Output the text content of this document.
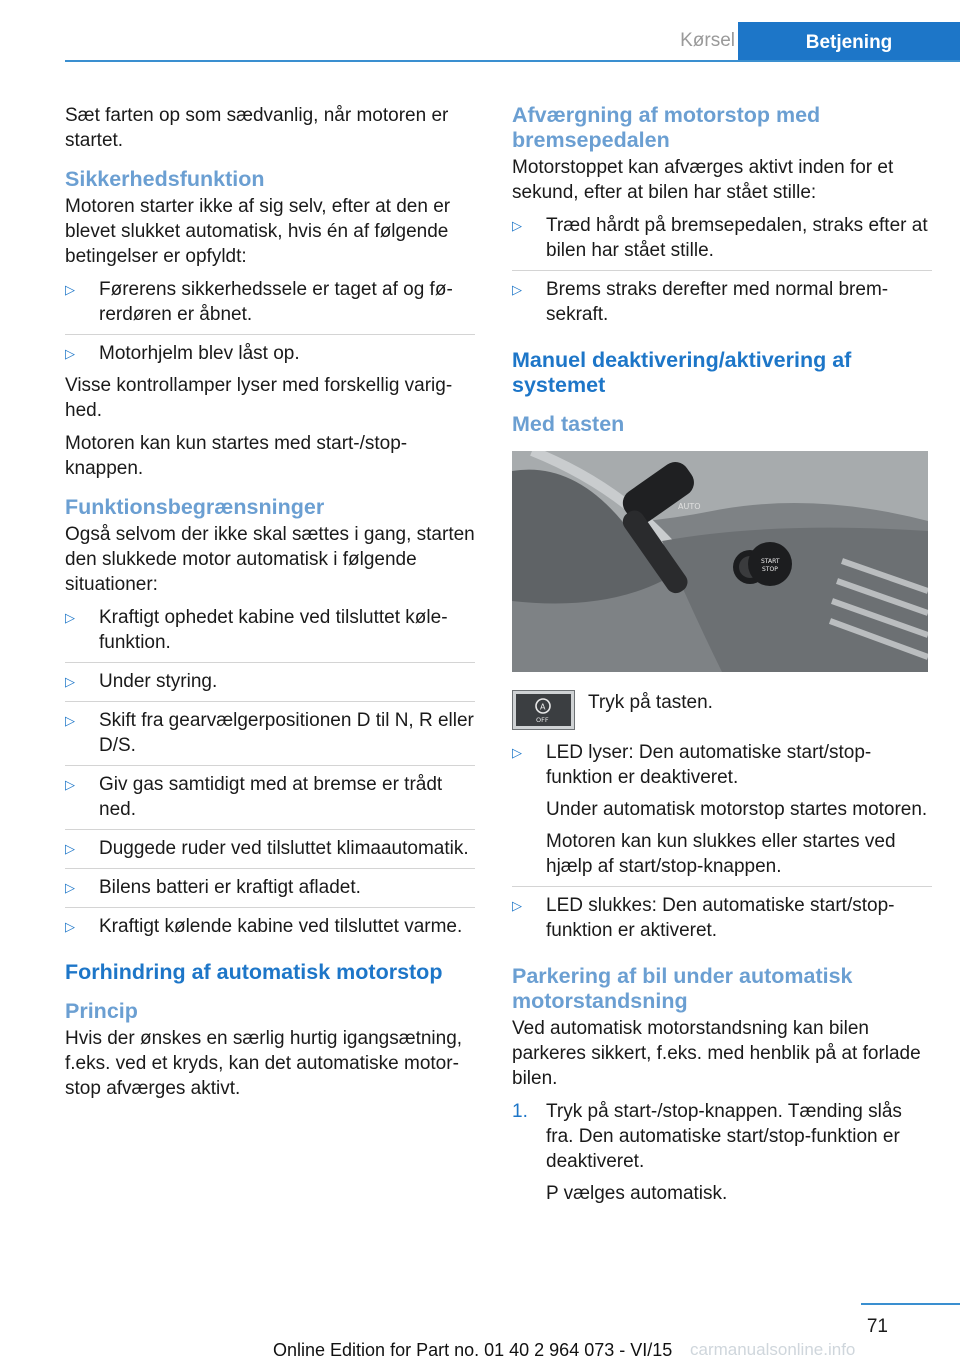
Kørsel	Betjening

Sæt farten op som sædvanlig, når motoren er startet.

Sikkerhedsfunktion

Motoren starter ikke af sig selv, efter at den er blevet slukket automatisk, hvis én af følgende betingelser er opfyldt:

▷ Førerens sikkerhedssele er taget af og førerdøren er åbnet.
▷ Motorhjelm blev låst op.

Visse kontrollamper lyser med forskellig varighed.

Motoren kan kun startes med start-/stop-knappen.

Funktionsbegrænsninger

Også selvom der ikke skal sættes i gang, starten den slukkede motor automatisk i følgende situationer:

▷ Kraftigt ophedet kabine ved tilsluttet kølefunktion.
▷ Under styring.
▷ Skift fra gearvælgerpositionen D til N, R eller D/S.
▷ Giv gas samtidigt med at bremse er trådt ned.
▷ Duggede ruder ved tilsluttet klimaautomatik.
▷ Bilens batteri er kraftigt afladet.
▷ Kraftigt kølende kabine ved tilsluttet varme.
Forhindring af automatisk motorstop
Princip

Hvis der ønskes en særlig hurtig igangsætning, f.eks. ved et kryds, kan det automatiske motorstop afværges aktivt.

Afværgning af motorstop med bremsepedalen

Motorstoppet kan afværges aktivt inden for et sekund, efter at bilen har stået stille:

▷ Træd hårdt på bremsepedalen, straks efter at bilen har stået stille.
▷ Brems straks derefter med normal bremsekraft.
Manuel deaktivering/aktivering af systemet
Med tasten
AUTO
START
STOP
A
OFF
Tryk på tasten.
▷ LED lyser: Den automatiske start/stop-funktion er deaktiveret.
Under automatisk motorstop startes motoren.
Motoren kan kun slukkes eller startes ved hjælp af start/stop-knappen.
▷ LED slukkes: Den automatiske start/stop-funktion er aktiveret.
Parkering af bil under automatisk motorstandsning

Ved automatisk motorstandsning kan bilen parkeres sikkert, f.eks. med henblik på at forlade bilen.

1. Tryk på start-/stop-knappen. Tænding slås fra. Den automatiske start/stop-funktion er deaktiveret.
P vælges automatisk.
71
Online Edition for Part no. 01 40 2 964 073 - VI/15 carmanualsonline.info
